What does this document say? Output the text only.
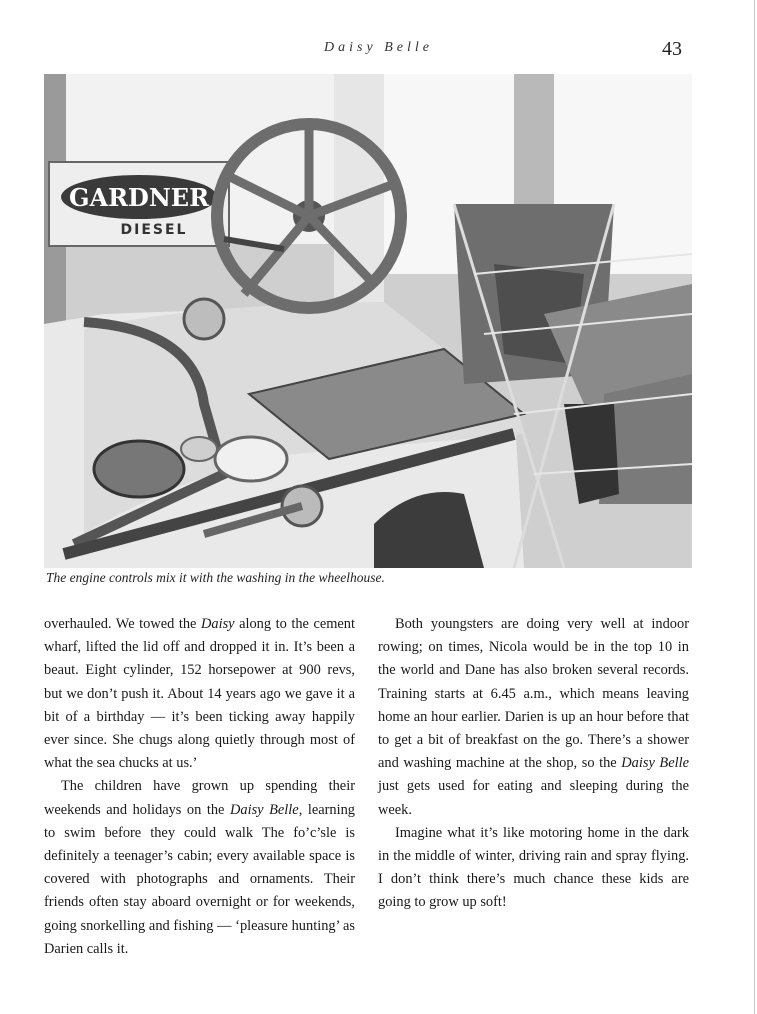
Daisy Belle	43
GARDNER
DIESEL
The engine controls mix it with the washing in the wheelhouse.

overhauled. We towed the Daisy along to the cement wharf, lifted the lid off and dropped it in. It’s been a beaut. Eight cylinder, 152 horsepower at 900 revs, but we don’t push it. About 14 years ago we gave it a bit of a birthday — it’s been ticking away happily ever since. She chugs along quietly through most of what the sea chucks at us.’

The children have grown up spending their weekends and holidays on the Daisy Belle, learning to swim before they could walk The fo’c’sle is definitely a teenager’s cabin; every available space is covered with photographs and ornaments. Their friends often stay aboard overnight or for weekends, going snorkelling and fishing — ‘pleasure hunting’ as Darien calls it.

Both youngsters are doing very well at indoor rowing; on times, Nicola would be in the top 10 in the world and Dane has also broken several records. Training starts at 6.45 a.m., which means leaving home an hour earlier. Darien is up an hour before that to get a bit of breakfast on the go. There’s a shower and washing machine at the shop, so the Daisy Belle just gets used for eating and sleeping during the week.

Imagine what it’s like motoring home in the dark in the middle of winter, driving rain and spray flying. I don’t think there’s much chance these kids are going to grow up soft!
